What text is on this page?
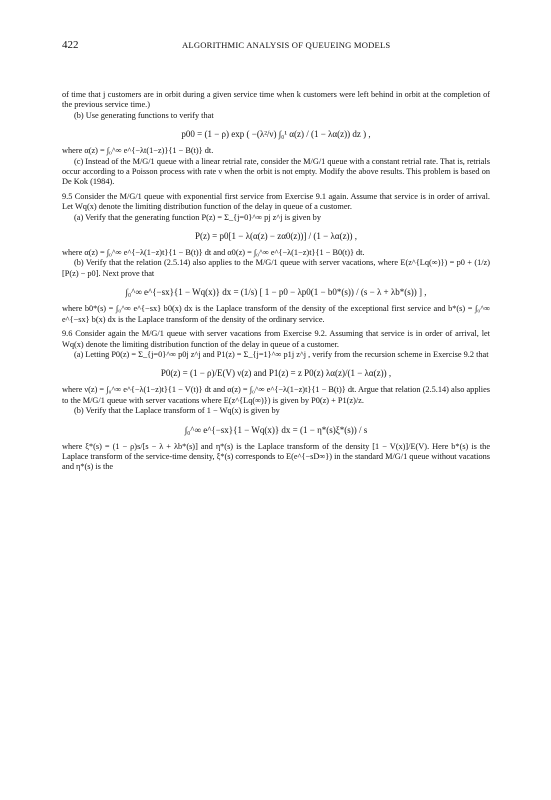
422	ALGORITHMIC ANALYSIS OF QUEUEING MODELS

of time that j customers are in orbit during a given service time when k customers were left behind in orbit at the completion of the previous service time.)

(b) Use generating functions to verify that

p00 = (1 − ρ) exp ( −(λ²/ν) ∫₀¹ α(z) / (1 − λα(z)) dz ) ,

where α(z) = ∫₀^∞ e^{−λt(1−z)}{1 − B(t)} dt.

(c) Instead of the M/G/1 queue with a linear retrial rate, consider the M/G/1 queue with a constant retrial rate. That is, retrials occur according to a Poisson process with rate ν when the orbit is not empty. Modify the above results. This problem is based on De Kok (1984).

9.5 Consider the M/G/1 queue with exponential first service from Exercise 9.1 again. Assume that service is in order of arrival. Let Wq(x) denote the limiting distribution function of the delay in queue of a customer.

(a) Verify that the generating function P(z) = Σ_{j=0}^∞ pj z^j is given by

P(z) = p0[1 − λ(α(z) − zα0(z))] / (1 − λα(z)) ,

where α(z) = ∫₀^∞ e^{−λ(1−z)t}{1 − B(t)} dt and α0(z) = ∫₀^∞ e^{−λ(1−z)t}{1 − B0(t)} dt.

(b) Verify that the relation (2.5.14) also applies to the M/G/1 queue with server vacations, where E(z^{Lq(∞)}) = p0 + (1/z)[P(z) − p0]. Next prove that

∫₀^∞ e^{−sx}{1 − Wq(x)} dx = (1/s) [ 1 − p0 − λp0(1 − b0*(s)) / (s − λ + λb*(s)) ] ,

where b0*(s) = ∫₀^∞ e^{−sx} b0(x) dx is the Laplace transform of the density of the exceptional first service and b*(s) = ∫₀^∞ e^{−sx} b(x) dx is the Laplace transform of the density of the ordinary service.

9.6 Consider again the M/G/1 queue with server vacations from Exercise 9.2. Assuming that service is in order of arrival, let Wq(x) denote the limiting distribution function of the delay in queue of a customer.

(a) Letting P0(z) = Σ_{j=0}^∞ p0j z^j and P1(z) = Σ_{j=1}^∞ p1j z^j , verify from the recursion scheme in Exercise 9.2 that

P0(z) = (1 − ρ)/E(V) ν(z) and P1(z) = z P0(z) λα(z)/(1 − λα(z)) ,

where ν(z) = ∫₀^∞ e^{−λ(1−z)t}{1 − V(t)} dt and α(z) = ∫₀^∞ e^{−λ(1−z)t}{1 − B(t)} dt. Argue that relation (2.5.14) also applies to the M/G/1 queue with server vacations where E(z^{Lq(∞)}) is given by P0(z) + P1(z)/z.

(b) Verify that the Laplace transform of 1 − Wq(x) is given by

∫₀^∞ e^{−sx}{1 − Wq(x)} dx = (1 − η*(s)ξ*(s)) / s

where ξ*(s) = (1 − ρ)s/[s − λ + λb*(s)] and η*(s) is the Laplace transform of the density [1 − V(x)]/E(V). Here b*(s) is the Laplace transform of the service-time density, ξ*(s) corresponds to E(e^{−sD∞}) in the standard M/G/1 queue without vacations and η*(s) is the
